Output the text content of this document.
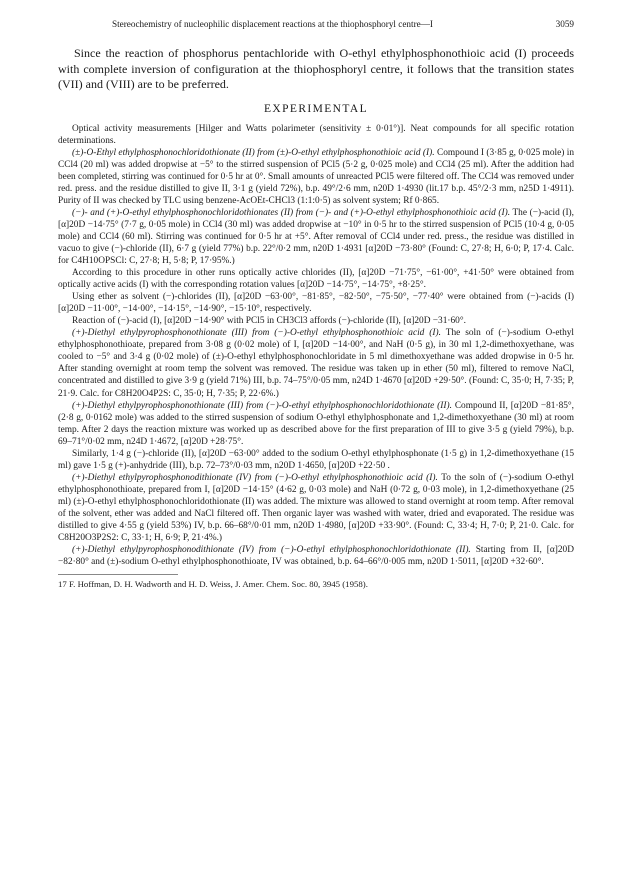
Stereochemistry of nucleophilic displacement reactions at the thiophosphoryl centre—I	3059

Since the reaction of phosphorus pentachloride with O-ethyl ethylphosphonothioic acid (I) proceeds with complete inversion of configuration at the thiophosphoryl centre, it follows that the transition states (VII) and (VIII) are to be preferred.

EXPERIMENTAL

Optical activity measurements [Hilger and Watts polarimeter (sensitivity ± 0·01°)]. Neat compounds for all specific rotation determinations.

(±)-O-Ethyl ethylphosphonochloridothionate (II) from (±)-O-ethyl ethylphosphonothioic acid (I). Compound I (3·85 g, 0·025 mole) in CCl4 (20 ml) was added dropwise at −5° to the stirred suspension of PCl5 (5·2 g, 0·025 mole) and CCl4 (25 ml). After the addition had been completed, stirring was continued for 0·5 hr at 0°. Small amounts of unreacted PCl5 were filtered off. The CCl4 was removed under red. press. and the residue distilled to give II, 3·1 g (yield 72%), b.p. 49°/2·6 mm, n20D 1·4930 (lit.17 b.p. 45°/2·3 mm, n25D 1·4911). Purity of II was checked by TLC using benzene-AcOEt-CHCl3 (1:1:0·5) as solvent system; Rf 0·865.

(−)- and (+)-O-ethyl ethylphosphonochloridothionates (II) from (−)- and (+)-O-ethyl ethylphosphonothioic acid (I). The (−)-acid (I), [α]20D −14·75° (7·7 g, 0·05 mole) in CCl4 (30 ml) was added dropwise at −10° in 0·5 hr to the stirred suspension of PCl5 (10·4 g, 0·05 mole) and CCl4 (60 ml). Stirring was continued for 0·5 hr at +5°. After removal of CCl4 under red. press., the residue was distilled in vacuo to give (−)-chloride (II), 6·7 g (yield 77%) b.p. 22°/0·2 mm, n20D 1·4931 [α]20D −73·80° (Found: C, 27·8; H, 6·0; P, 17·4. Calc. for C4H10OPSCl: C, 27·8; H, 5·8; P, 17·95%.)

According to this procedure in other runs optically active chlorides (II), [α]20D −71·75°, −61·00°, +41·50° were obtained from optically active acids (I) with the corresponding rotation values [α]20D −14·75°, −14·75°, +8·25°.

Using ether as solvent (−)-chlorides (II), [α]20D −63·00°, −81·85°, −82·50°, −75·50°, −77·40° were obtained from (−)-acids (I) [α]20D −11·00°, −14·00°, −14·15°, −14·90°, −15·10°, respectively.

Reaction of (−)-acid (I), [α]20D −14·90° with PCl5 in CH3Cl3 affords (−)-chloride (II), [α]20D −31·60°.

(+)-Diethyl ethylpyrophosphonothionate (III) from (−)-O-ethyl ethylphosphonothioic acid (I). The soln of (−)-sodium O-ethyl ethylphosphonothioate, prepared from 3·08 g (0·02 mole) of I, [α]20D −14·00°, and NaH (0·5 g), in 30 ml 1,2-dimethoxyethane, was cooled to −5° and 3·4 g (0·02 mole) of (±)-O-ethyl ethylphosphonochloridate in 5 ml dimethoxyethane was added dropwise in 0·5 hr. After standing overnight at room temp the solvent was removed. The residue was taken up in ether (50 ml), filtered to remove NaCl, concentrated and distilled to give 3·9 g (yield 71%) III, b.p. 74–75°/0·05 mm, n24D 1·4670 [α]20D +29·50°. (Found: C, 35·0; H, 7·35; P, 21·9. Calc. for C8H20O4P2S: C, 35·0; H, 7·35; P, 22·6%.)

(+)-Diethyl ethylpyrophosphonothionate (III) from (−)-O-ethyl ethylphosphonochloridothionate (II). Compound II, [α]20D −81·85°, (2·8 g, 0·0162 mole) was added to the stirred suspension of sodium O-ethyl ethylphosphonate and 1,2-dimethoxyethane (30 ml) at room temp. After 2 days the reaction mixture was worked up as described above for the first preparation of III to give 3·5 g (yield 79%), b.p. 69–71°/0·02 mm, n24D 1·4672, [α]20D +28·75°.

Similarly, 1·4 g (−)-chloride (II), [α]20D −63·00° added to the sodium O-ethyl ethylphosphonate (1·5 g) in 1,2-dimethoxyethane (15 ml) gave 1·5 g (+)-anhydride (III), b.p. 72–73°/0·03 mm, n20D 1·4650, [α]20D +22·50 .

(+)-Diethyl ethylpyrophosphonodithionate (IV) from (−)-O-ethyl ethylphosphonothioic acid (I). To the soln of (−)-sodium O-ethyl ethylphosphonothioate, prepared from I, [α]20D −14·15° (4·62 g, 0·03 mole) and NaH (0·72 g, 0·03 mole), in 1,2-dimethoxyethane (25 ml) (±)-O-ethyl ethylphosphonochloridothionate (II) was added. The mixture was allowed to stand overnight at room temp. After removal of the solvent, ether was added and NaCl filtered off. Then organic layer was washed with water, dried and evaporated. The residue was distilled to give 4·55 g (yield 53%) IV, b.p. 66–68°/0·01 mm, n20D 1·4980, [α]20D +33·90°. (Found: C, 33·4; H, 7·0; P, 21·0. Calc. for C8H20O3P2S2: C, 33·1; H, 6·9; P, 21·4%.)

(+)-Diethyl ethylpyrophosphonodithionate (IV) from (−)-O-ethyl ethylphosphonochloridothionate (II). Starting from II, [α]20D −82·80° and (±)-sodium O-ethyl ethylphosphonothioate, IV was obtained, b.p. 64–66°/0·005 mm, n20D 1·5011, [α]20D +32·60°.

17 F. Hoffman, D. H. Wadworth and H. D. Weiss, J. Amer. Chem. Soc. 80, 3945 (1958).
